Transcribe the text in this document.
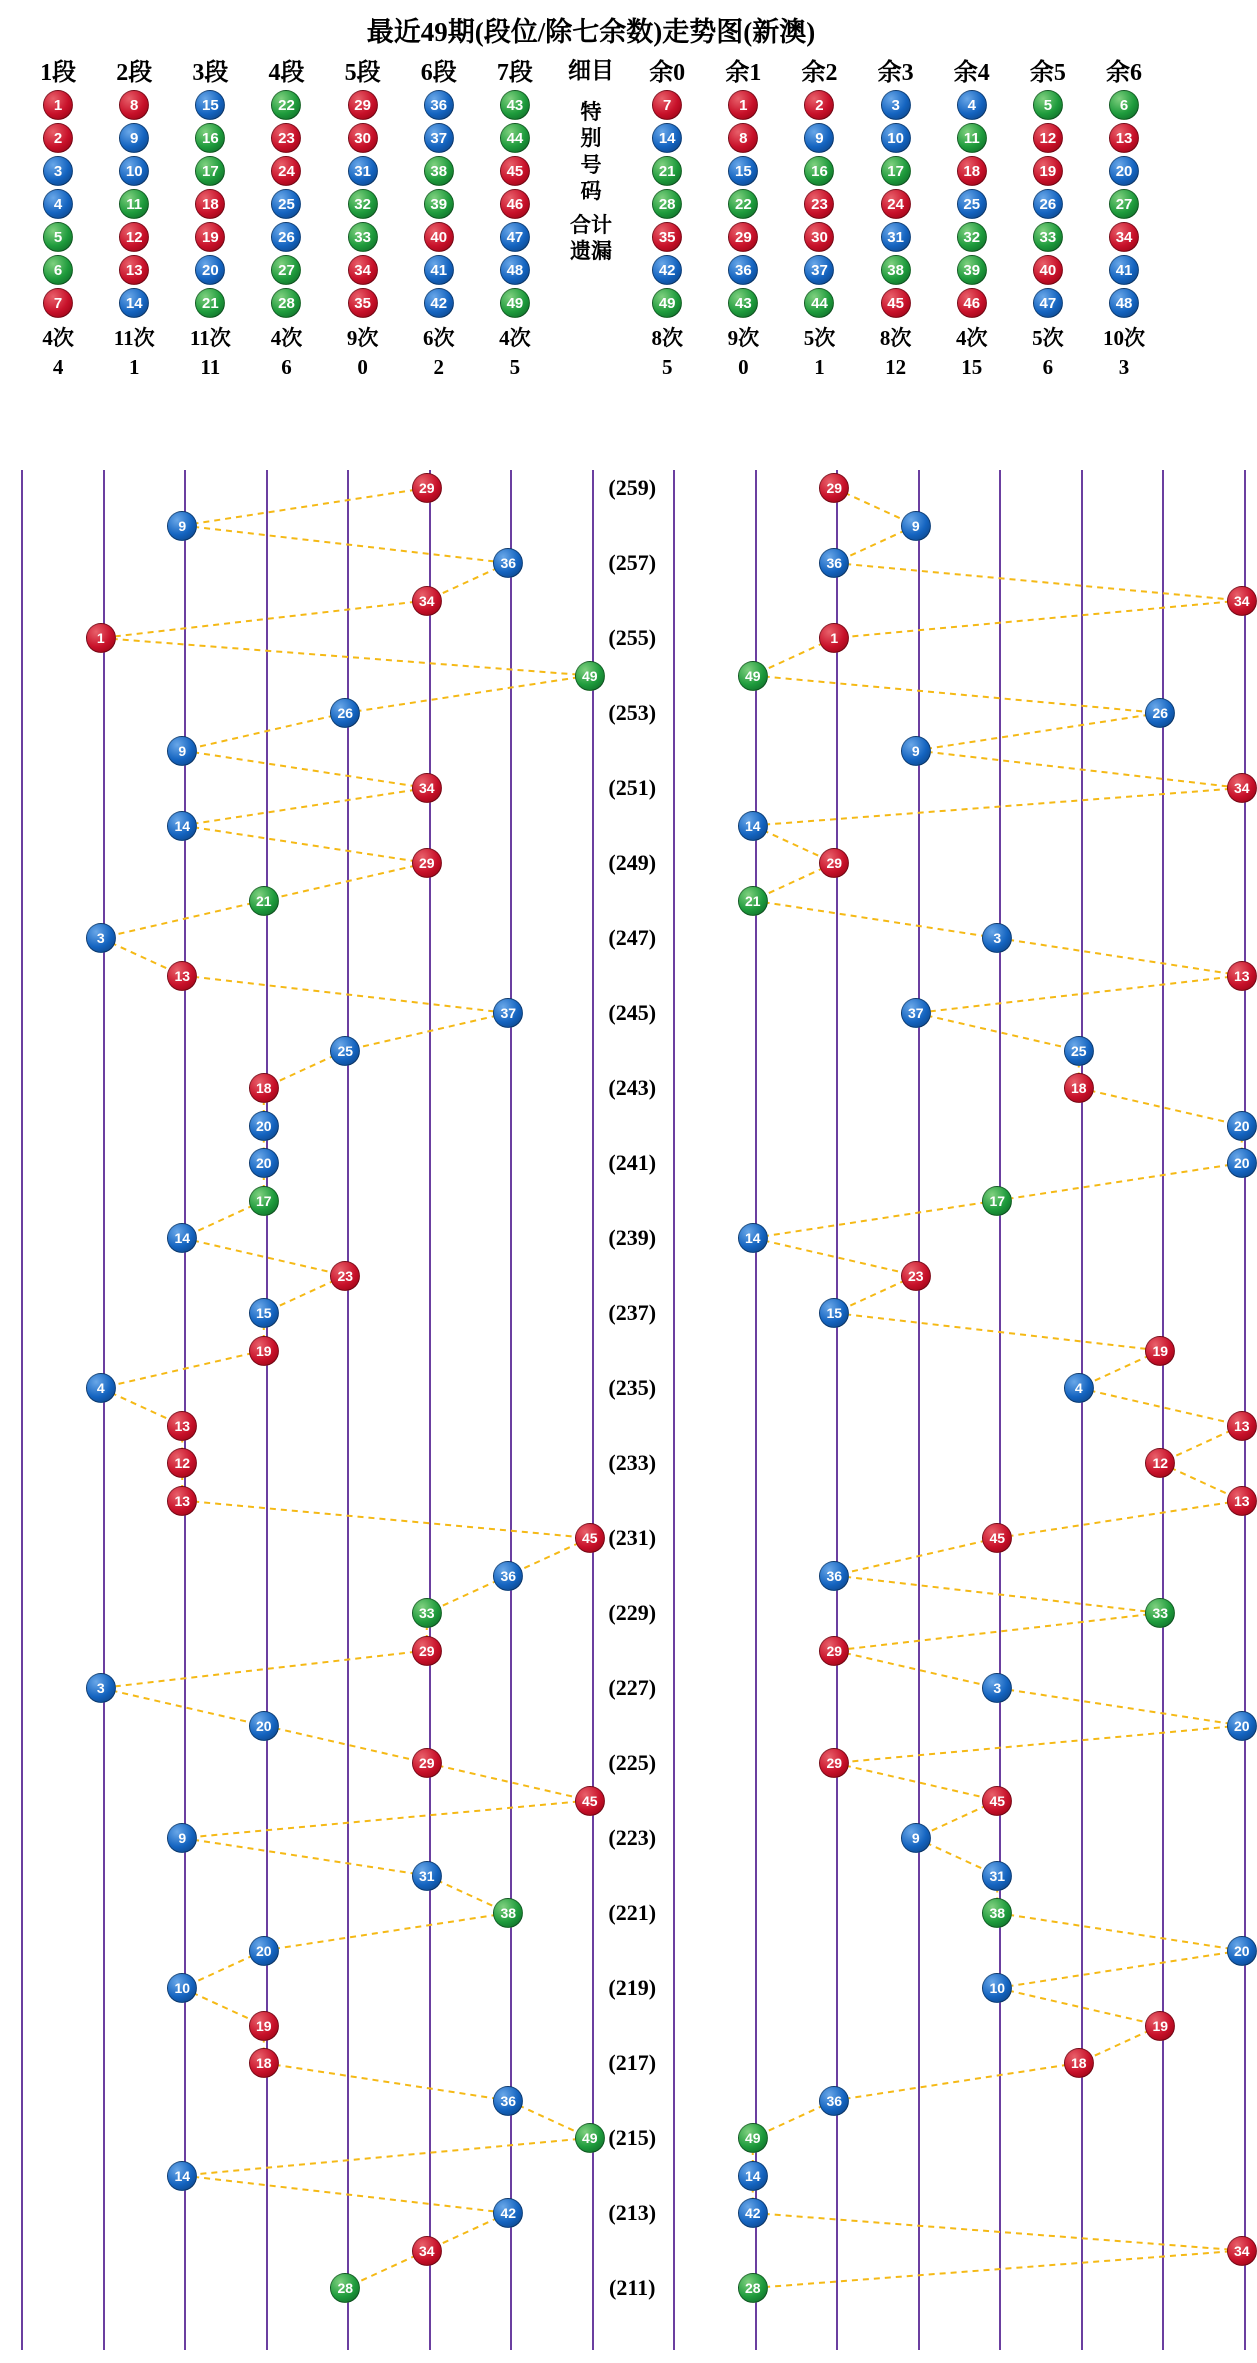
最近49期(段位/除七余数)走势图(新澳)
1段
1
2
3
4
5
6
7
4次
4
2段
8
9
10
11
12
13
14
11次
1
3段
15
16
17
18
19
20
21
11次
11
4段
22
23
24
25
26
27
28
4次
6
5段
29
30
31
32
33
34
35
9次
0
6段
36
37
38
39
40
41
42
6次
2
7段
43
44
45
46
47
48
49
4次
5
细目
特
别
号
码
合计
遗漏
余0
7
14
21
28
35
42
49
8次
5
余1
1
8
15
22
29
36
43
9次
0
余2
2
9
16
23
30
37
44
5次
1
余3
3
10
17
24
31
38
45
8次
12
余4
4
11
18
25
32
39
46
4次
15
余5
5
12
19
26
33
40
47
5次
6
余6
6
13
20
27
34
41
48
10次
3
(259)
(257)
(255)
(253)
(251)
(249)
(247)
(245)
(243)
(241)
(239)
(237)
(235)
(233)
(231)
(229)
(227)
(225)
(223)
(221)
(219)
(217)
(215)
(213)
(211)
29
9
36
34
1
49
26
9
34
14
29
21
3
13
37
25
18
20
20
17
14
23
15
19
4
13
12
13
45
36
33
29
3
20
29
45
9
31
38
20
10
19
18
36
49
14
42
34
28
29
9
36
34
1
49
26
9
34
14
29
21
3
13
37
25
18
20
20
17
14
23
15
19
4
13
12
13
45
36
33
29
3
20
29
45
9
31
38
20
10
19
18
36
49
14
42
34
28
